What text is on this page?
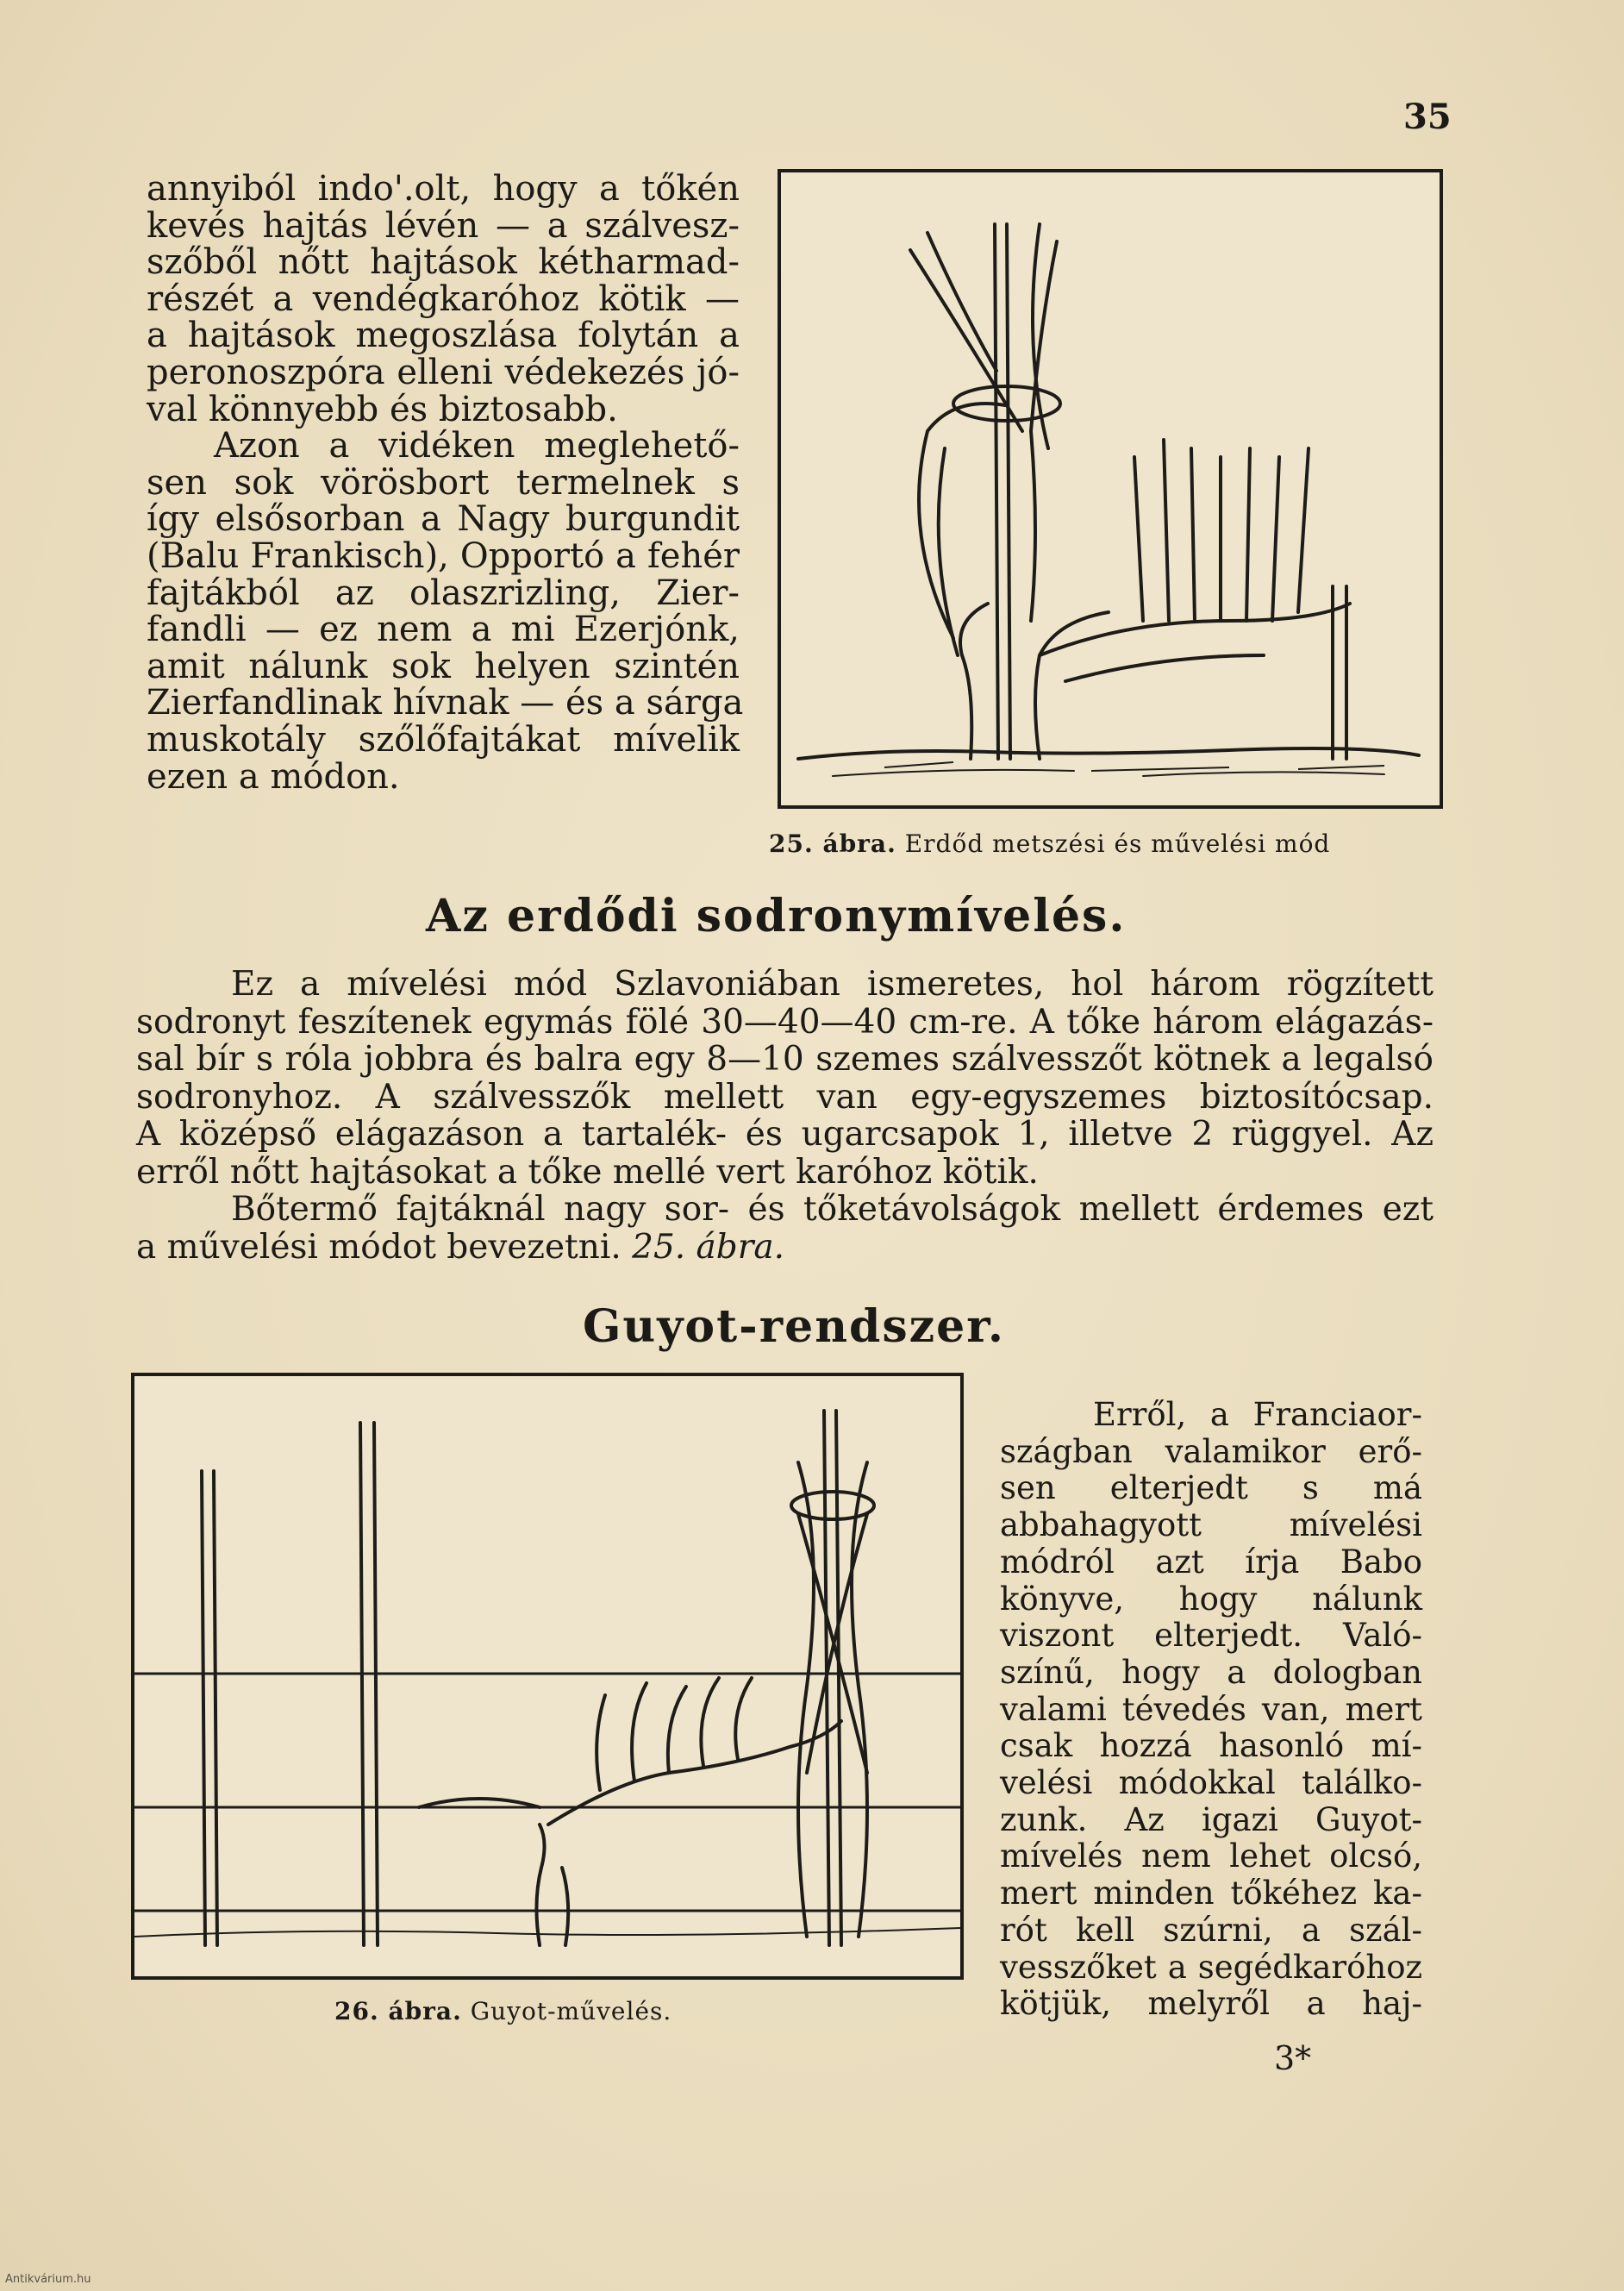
35
annyiból indo'.olt, hogy a tőkén
kevés hajtás lévén — a szálvesz-
szőből nőtt hajtások kétharmad-
részét a vendégkaróhoz kötik —
a hajtások megoszlása folytán a
peronoszpóra elleni védekezés jó-
val könnyebb és biztosabb.
Azon a vidéken meglehető-
sen sok vörösbort termelnek s
így elsősorban a Nagy burgundit
(Balu Frankisch), Opportó a fehér
fajtákból az olaszrizling, Zier-
fandli — ez nem a mi Ezerjónk,
amit nálunk sok helyen szintén
Zierfandlinak hívnak — és a sárga
muskotály szőlőfajtákat mívelik
ezen a módon.
25. ábra. Erdőd metszési és művelési mód
Az erdődi sodronymívelés.
Ez a mívelési mód Szlavoniában ismeretes, hol három rögzített
sodronyt feszítenek egymás fölé 30—40—40 cm-re. A tőke három elágazás-
sal bír s róla jobbra és balra egy 8—10 szemes szálvesszőt kötnek a legalsó
sodronyhoz. A szálvesszők mellett van egy-egyszemes biztosítócsap.
A középső elágazáson a tartalék- és ugarcsapok 1, illetve 2 rüggyel. Az
erről nőtt hajtásokat a tőke mellé vert karóhoz kötik.
Bőtermő fajtáknál nagy sor- és tőketávolságok mellett érdemes ezt
a művelési módot bevezetni. 25. ábra.
Guyot-rendszer.
26. ábra. Guyot-művelés.
Erről, a Franciaor-
szágban valamikor erő-
sen elterjedt s má
abbahagyott mívelési
módról azt írja Babo
könyve, hogy nálunk
viszont elterjedt. Való-
színű, hogy a dologban
valami tévedés van, mert
csak hozzá hasonló mí-
velési módokkal találko-
zunk. Az igazi Guyot-
mívelés nem lehet olcsó,
mert minden tőkéhez ka-
rót kell szúrni, a szál-
vesszőket a segédkaróhoz
kötjük, melyről a haj-
3*
Antikvárium.hu
